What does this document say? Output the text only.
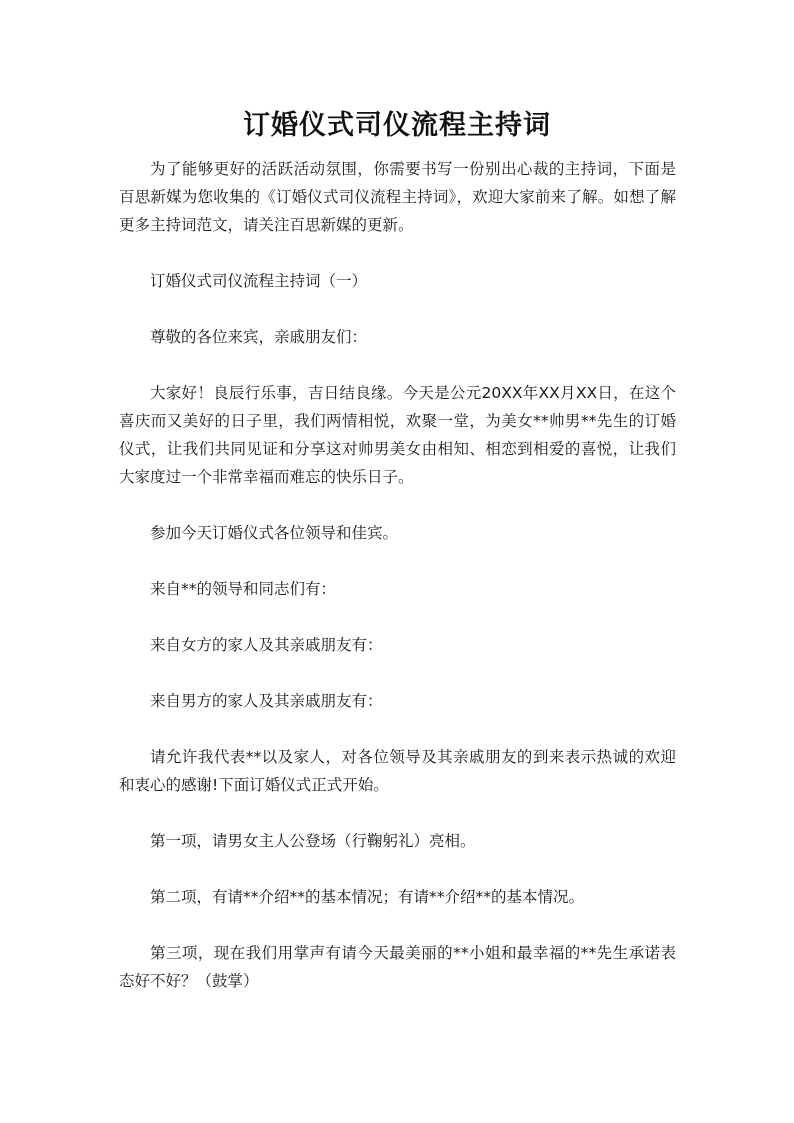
订婚仪式司仪流程主持词

为了能够更好的活跃活动氛围，你需要书写一份别出心裁的主持词，下面是百思新媒为您收集的《订婚仪式司仪流程主持词》，欢迎大家前来了解。如想了解更多主持词范文，请关注百思新媒的更新。

订婚仪式司仪流程主持词（一）

尊敬的各位来宾，亲戚朋友们：

大家好！良辰行乐事，吉日结良缘。今天是公元20XX年XX月XX日，在这个喜庆而又美好的日子里，我们两情相悦，欢聚一堂，为美女**帅男**先生的订婚仪式，让我们共同见证和分享这对帅男美女由相知、相恋到相爱的喜悦，让我们大家度过一个非常幸福而难忘的快乐日子。

参加今天订婚仪式各位领导和佳宾。

来自**的领导和同志们有：

来自女方的家人及其亲戚朋友有：

来自男方的家人及其亲戚朋友有：

请允许我代表**以及家人，对各位领导及其亲戚朋友的到来表示热诚的欢迎和衷心的感谢!下面订婚仪式正式开始。

第一项，请男女主人公登场（行鞠躬礼）亮相。

第二项，有请**介绍**的基本情况；有请**介绍**的基本情况。

第三项，现在我们用掌声有请今天最美丽的**小姐和最幸福的**先生承诺表态好不好？（鼓掌）
